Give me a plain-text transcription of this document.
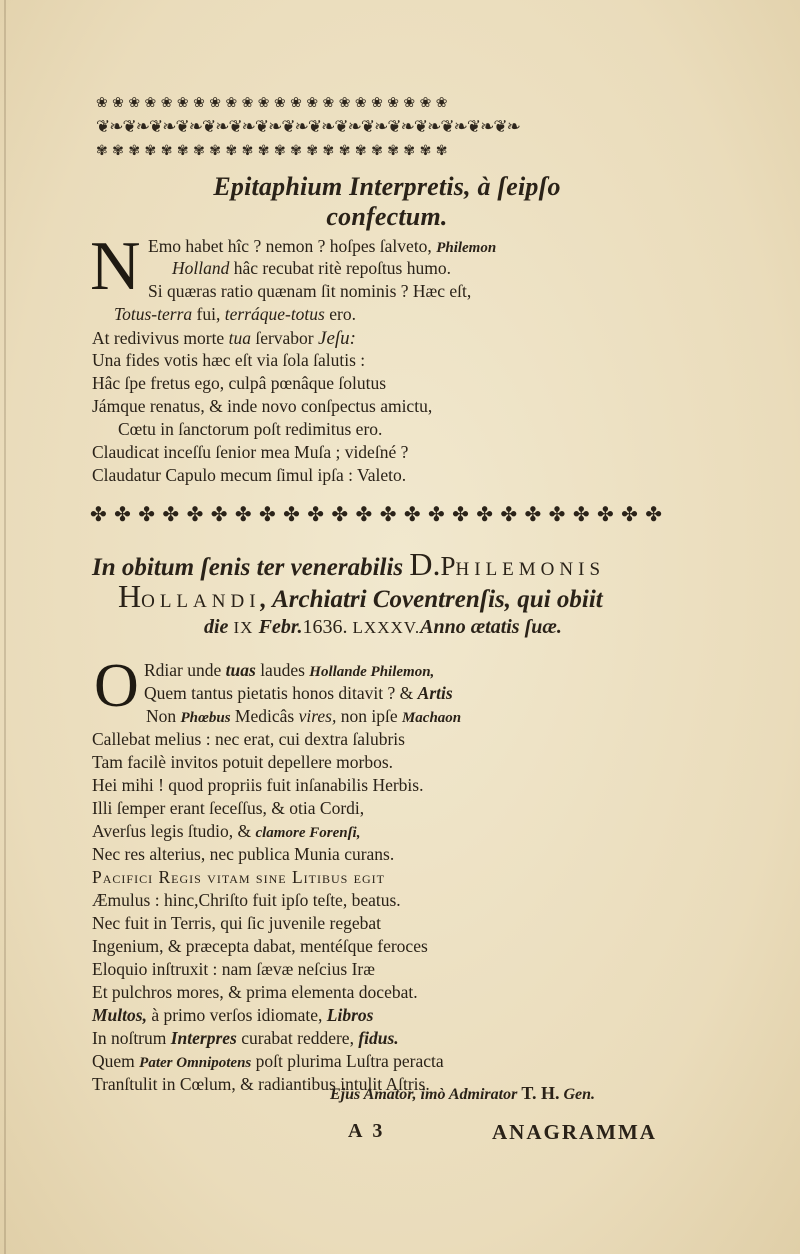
❀ ❀ ❀ ❀ ❀ ❀ ❀ ❀ ❀ ❀ ❀ ❀ ❀ ❀ ❀ ❀ ❀ ❀ ❀ ❀ ❀ ❀
❦❧❦❧❦❧❦❧❦❧❦❧❦❧❦❧❦❧❦❧❦❧❦❧❦❧❦❧❦❧❦❧
✾ ✾ ✾ ✾ ✾ ✾ ✾ ✾ ✾ ✾ ✾ ✾ ✾ ✾ ✾ ✾ ✾ ✾ ✾ ✾ ✾ ✾
Epitaphium Interpretis, à ſeipſo confectum.
N Emo habet hîc ? nemon ? hoſpes ſalveto, Philemon
Holland hâc recubat ritè repoſtus humo.
Si quæras ratio quænam ſit nominis ? Hæc eſt,
Totus-terra fui, terráque-totus ero.
At redivivus morte tua ſervabor Jeſu:
Una fides votis hæc eſt via ſola ſalutis :
Hâc ſpe fretus ego, culpâ pœnâque ſolutus
Jámque renatus, & inde novo conſpectus amictu,
Cœtu in ſanctorum poſt redimitus ero.
Claudicat inceſſu ſenior mea Muſa ; videſné ?
Claudatur Capulo mecum ſimul ipſa : Valeto.
✤ ✤ ✤ ✤ ✤ ✤ ✤ ✤ ✤ ✤ ✤ ✤ ✤ ✤ ✤ ✤ ✤ ✤ ✤ ✤ ✤ ✤ ✤ ✤
In obitum ſenis ter venerabilis D.PHILEMONIS
HOLLANDI, Archiatri Coventrenſis, qui obiit
die IX Febr.1636. LXXXV.Anno ætatis ſuæ.
O Rdiar unde tuas laudes Hollande Philemon,
Quem tantus pietatis honos ditavit ? & Artis
Non Phœbus Medicâs vires, non ipſe Machaon
Callebat melius : nec erat, cui dextra ſalubris
Tam facilè invitos potuit depellere morbos.
Hei mihi ! quod propriis fuit inſanabilis Herbis.
Illi ſemper erant ſeceſſus, & otia Cordi,
Averſus legis ſtudio, & clamore Forenſi,
Nec res alterius, nec publica Munia curans.
Pacifici Regis vitam ſine Litibus egit
Æmulus : hinc,Chriſto fuit ipſo teſte, beatus.
Nec fuit in Terris, qui ſic juvenile regebat
Ingenium, & præcepta dabat, mentéſque feroces
Eloquio inſtruxit : nam ſævæ neſcius Iræ
Et pulchros mores, & prima elementa docebat.
Multos, à primo verſos idiomate, Libros
In noſtrum Interpres curabat reddere, fidus.
Quem Pater Omnipotens poſt plurima Luſtra peracta
Tranſtulit in Cœlum, & radiantibus intulit Aſtris.
Ejus Amator, imò Admirator T. H. Gen.
A 3	ANAGRAMMA
